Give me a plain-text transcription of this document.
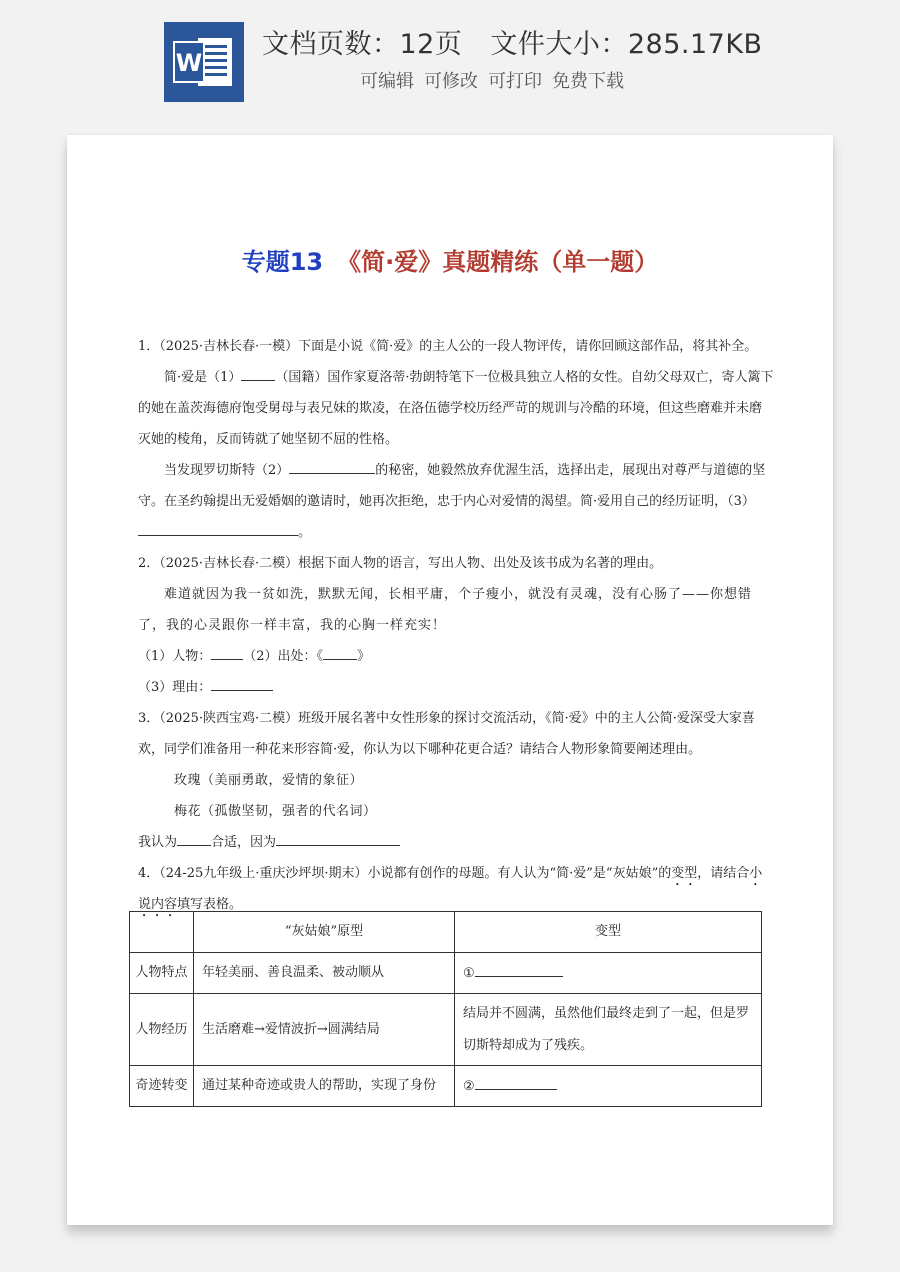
W
文档页数：12页 文件大小：285.17KB
可编辑 可修改 可打印 免费下载
专题13 《简·爱》真题精练（单一题）

1．（2025·吉林长春·一模）下面是小说《简·爱》的主人公的一段人物评传，请你回顾这部作品，将其补全。

简·爱是（1）	（国籍）国作家夏洛蒂·勃朗特笔下一位极具独立人格的女性。自幼父母双亡，寄人篱下的她在盖茨海德府饱受舅母与表兄妹的欺凌，在洛伍德学校历经严苛的规训与冷酷的环境，但这些磨难并未磨灭她的棱角，反而铸就了她坚韧不屈的性格。

当发现罗切斯特（2）	的秘密，她毅然放弃优渥生活，选择出走，展现出对尊严与道德的坚守。在圣约翰提出无爱婚姻的邀请时，她再次拒绝，忠于内心对爱情的渴望。简·爱用自己的经历证明，（3）。

2．（2025·吉林长春·二模）根据下面人物的语言，写出人物、出处及该书成为名著的理由。

难道就因为我一贫如洗，默默无闻，长相平庸，个子瘦小，就没有灵魂，没有心肠了——你想错了，我的心灵跟你一样丰富，我的心胸一样充实！

（1）人物： （2）出处：《	》

（3）理由：

3．（2025·陕西宝鸡·二模）班级开展名著中女性形象的探讨交流活动，《简·爱》中的主人公简·爱深受大家喜欢，同学们准备用一种花来形容简·爱，你认为以下哪种花更合适？请结合人物形象简要阐述理由。

玫瑰（美丽勇敢，爱情的象征）

梅花（孤傲坚韧，强者的代名词）

我认为	合适，因为

4．（24-25九年级上·重庆沙坪坝·期末）小说都有创作的母题。有人认为“简·爱”是“灰姑娘”的变型，请结合小说内容填写表格。

	“灰姑娘”原型	变型
人物特点	年轻美丽、善良温柔、被动顺从	①
人物经历	生活磨难→爱情波折→圆满结局	结局并不圆满，虽然他们最终走到了一起，但是罗切斯特却成为了残疾。
奇迹转变	通过某种奇迹或贵人的帮助，实现了身份	②
